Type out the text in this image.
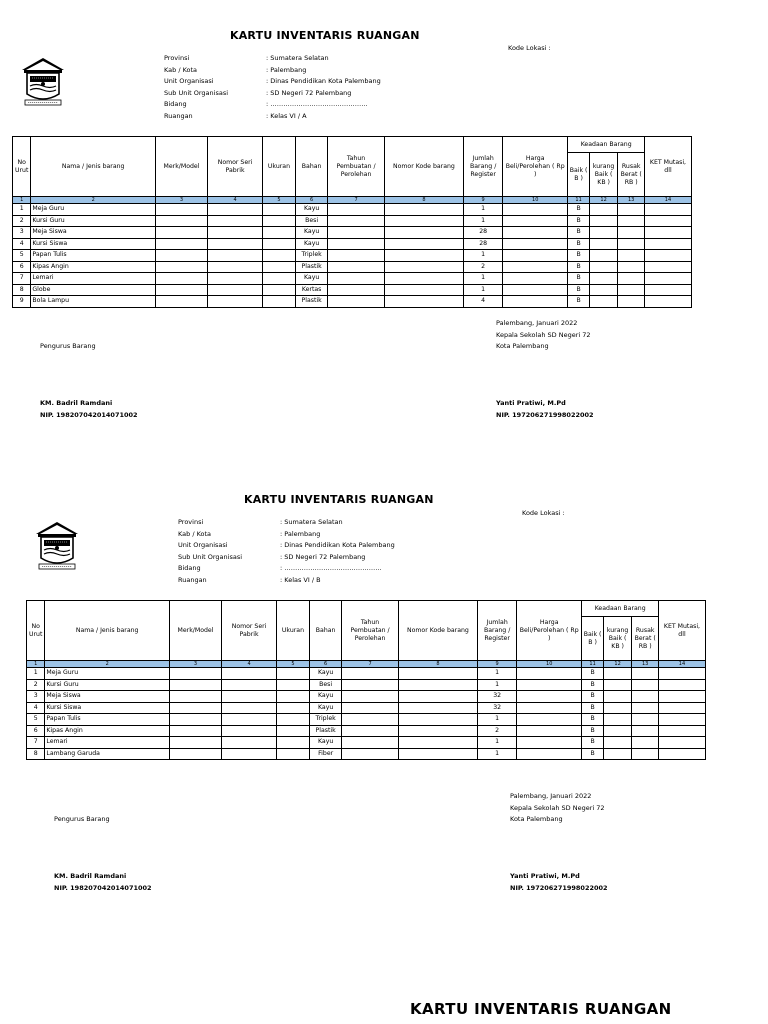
KARTU INVENTARIS RUANGAN
Kode Lokasi :
Provinsi	: Sumatera Selatan
Kab / Kota	: Palembang
Unit Organisasi	: Dinas Pendidikan Kota Palembang
Sub Unit Organisasi	: SD Negeri 72 Palembang
Bidang	: ………………………………………
Ruangan	: Kelas VI / A
No Urut	Nama / Jenis barang	Merk/Model	Nomor Seri Pabrik	Ukuran	Bahan	Tahun Pembuatan / Perolehan	Nomor Kode barang	Jumlah Barang / Register	Harga Beli/Perolehan ( Rp )	Keadaan Barang			KET Mutasi, dll
										Baik ( B )	kurang Baik ( KB )	Rusak Berat ( RB )	
1	2	3	4	5	6	7	8	9	10	11	12	13	14
1	Meja Guru				Kayu			1		B			
2	Kursi Guru				Besi			1		B			
3	Meja Siswa				Kayu			28		B			
4	Kursi Siswa				Kayu			28		B			
5	Papan Tulis				Triplek			1		B			
6	Kipas Angin				Plastik			2		B			
7	Lemari				Kayu			1		B			
8	Globe				Kertas			1		B			
9	Bola Lampu				Plastik			4		B			
Palembang, Januari 2022
Kepala Sekolah SD Negeri 72
Kota Palembang
Pengurus Barang
KM. Badril Ramdani
NIP. 198207042014071002
Yanti Pratiwi, M.Pd
NIP. 197206271998022002
KARTU INVENTARIS RUANGAN
Kode Lokasi :
Provinsi	: Sumatera Selatan
Kab / Kota	: Palembang
Unit Organisasi	: Dinas Pendidikan Kota Palembang
Sub Unit Organisasi	: SD Negeri 72 Palembang
Bidang	: ………………………………………
Ruangan	: Kelas VI / B
No Urut	Nama / Jenis barang	Merk/Model	Nomor Seri Pabrik	Ukuran	Bahan	Tahun Pembuatan / Perolehan	Nomor Kode barang	Jumlah Barang / Register	Harga Beli/Perolehan ( Rp )	Keadaan Barang			KET Mutasi, dll
										Baik ( B )	kurang Baik ( KB )	Rusak Berat ( RB )	
1	2	3	4	5	6	7	8	9	10	11	12	13	14
1	Meja Guru				Kayu			1		B			
2	Kursi Guru				Besi			1		B			
3	Meja Siswa				Kayu			32		B			
4	Kursi Siswa				Kayu			32		B			
5	Papan Tulis				Triplek			1		B			
6	Kipas Angin				Plastik			2		B			
7	Lemari				Kayu			1		B			
8	Lambang Garuda				Fiber			1		B			
Palembang, Januari 2022
Kepala Sekolah SD Negeri 72
Kota Palembang
Pengurus Barang
KM. Badril Ramdani
NIP. 198207042014071002
Yanti Pratiwi, M.Pd
NIP. 197206271998022002
KARTU INVENTARIS RUANGAN
